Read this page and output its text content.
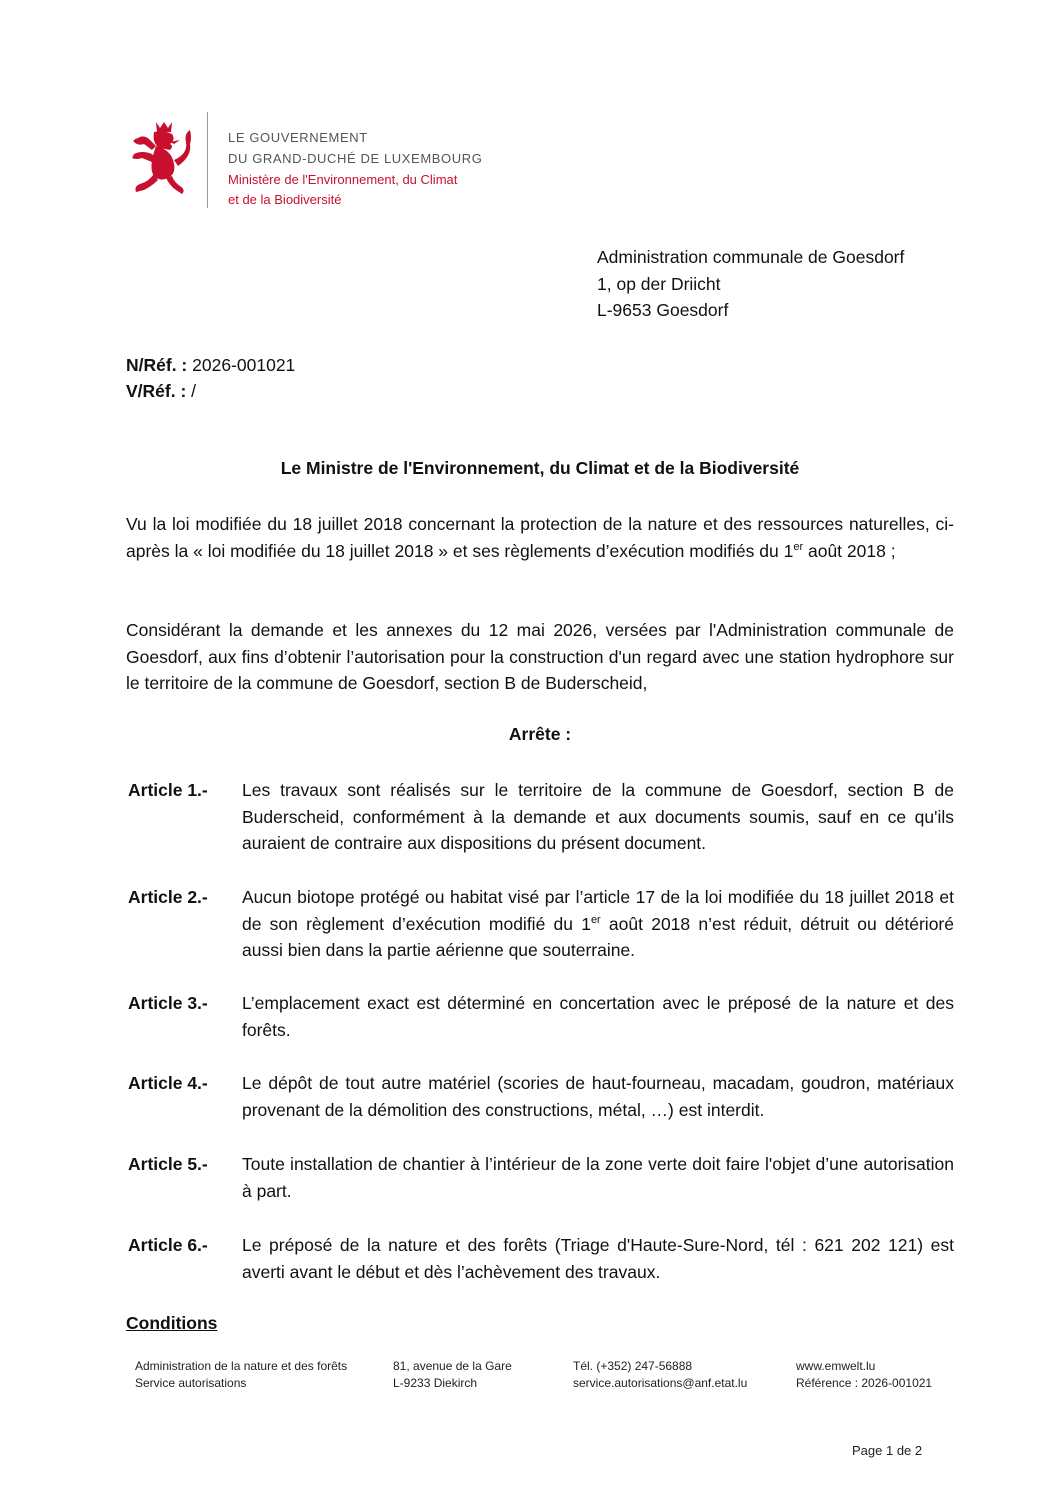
LE GOUVERNEMENT
DU GRAND-DUCHÉ DE LUXEMBOURG
Ministère de l'Environnement, du Climat
et de la Biodiversité
Administration communale de Goesdorf
1, op der Driicht
L-9653 Goesdorf
N/Réf. : 2026-001021
V/Réf. : /
Le Ministre de l'Environnement, du Climat et de la Biodiversité
Vu la loi modifiée du 18 juillet 2018 concernant la protection de la nature et des ressources naturelles, ci-après la « loi modifiée du 18 juillet 2018 » et ses règlements d’exécution modifiés du 1er août 2018 ;
Considérant la demande et les annexes du 12 mai 2026, versées par l'Administration communale de Goesdorf, aux fins d’obtenir l’autorisation pour la construction d'un regard avec une station hydrophore sur le territoire de la commune de Goesdorf, section B de Buderscheid,
Arrête :
Article 1.- Les travaux sont réalisés sur le territoire de la commune de Goesdorf, section B de Buderscheid, conformément à la demande et aux documents soumis, sauf en ce qu'ils auraient de contraire aux dispositions du présent document.
Article 2.- Aucun biotope protégé ou habitat visé par l’article 17 de la loi modifiée du 18 juillet 2018 et de son règlement d’exécution modifié du 1er août 2018 n’est réduit, détruit ou détérioré aussi bien dans la partie aérienne que souterraine.
Article 3.- L’emplacement exact est déterminé en concertation avec le préposé de la nature et des forêts.
Article 4.- Le dépôt de tout autre matériel (scories de haut-fourneau, macadam, goudron, matériaux provenant de la démolition des constructions, métal, …) est interdit.
Article 5.- Toute installation de chantier à l’intérieur de la zone verte doit faire l'objet d’une autorisation à part.
Article 6.- Le préposé de la nature et des forêts (Triage d'Haute-Sure-Nord, tél : 621 202 121) est averti avant le début et dès l’achèvement des travaux.
Conditions
Administration de la nature et des forêts
Service autorisations
81, avenue de la Gare
L-9233 Diekirch
Tél. (+352) 247-56888
service.autorisations@anf.etat.lu
www.emwelt.lu
Référence : 2026-001021
Page 1 de 2
